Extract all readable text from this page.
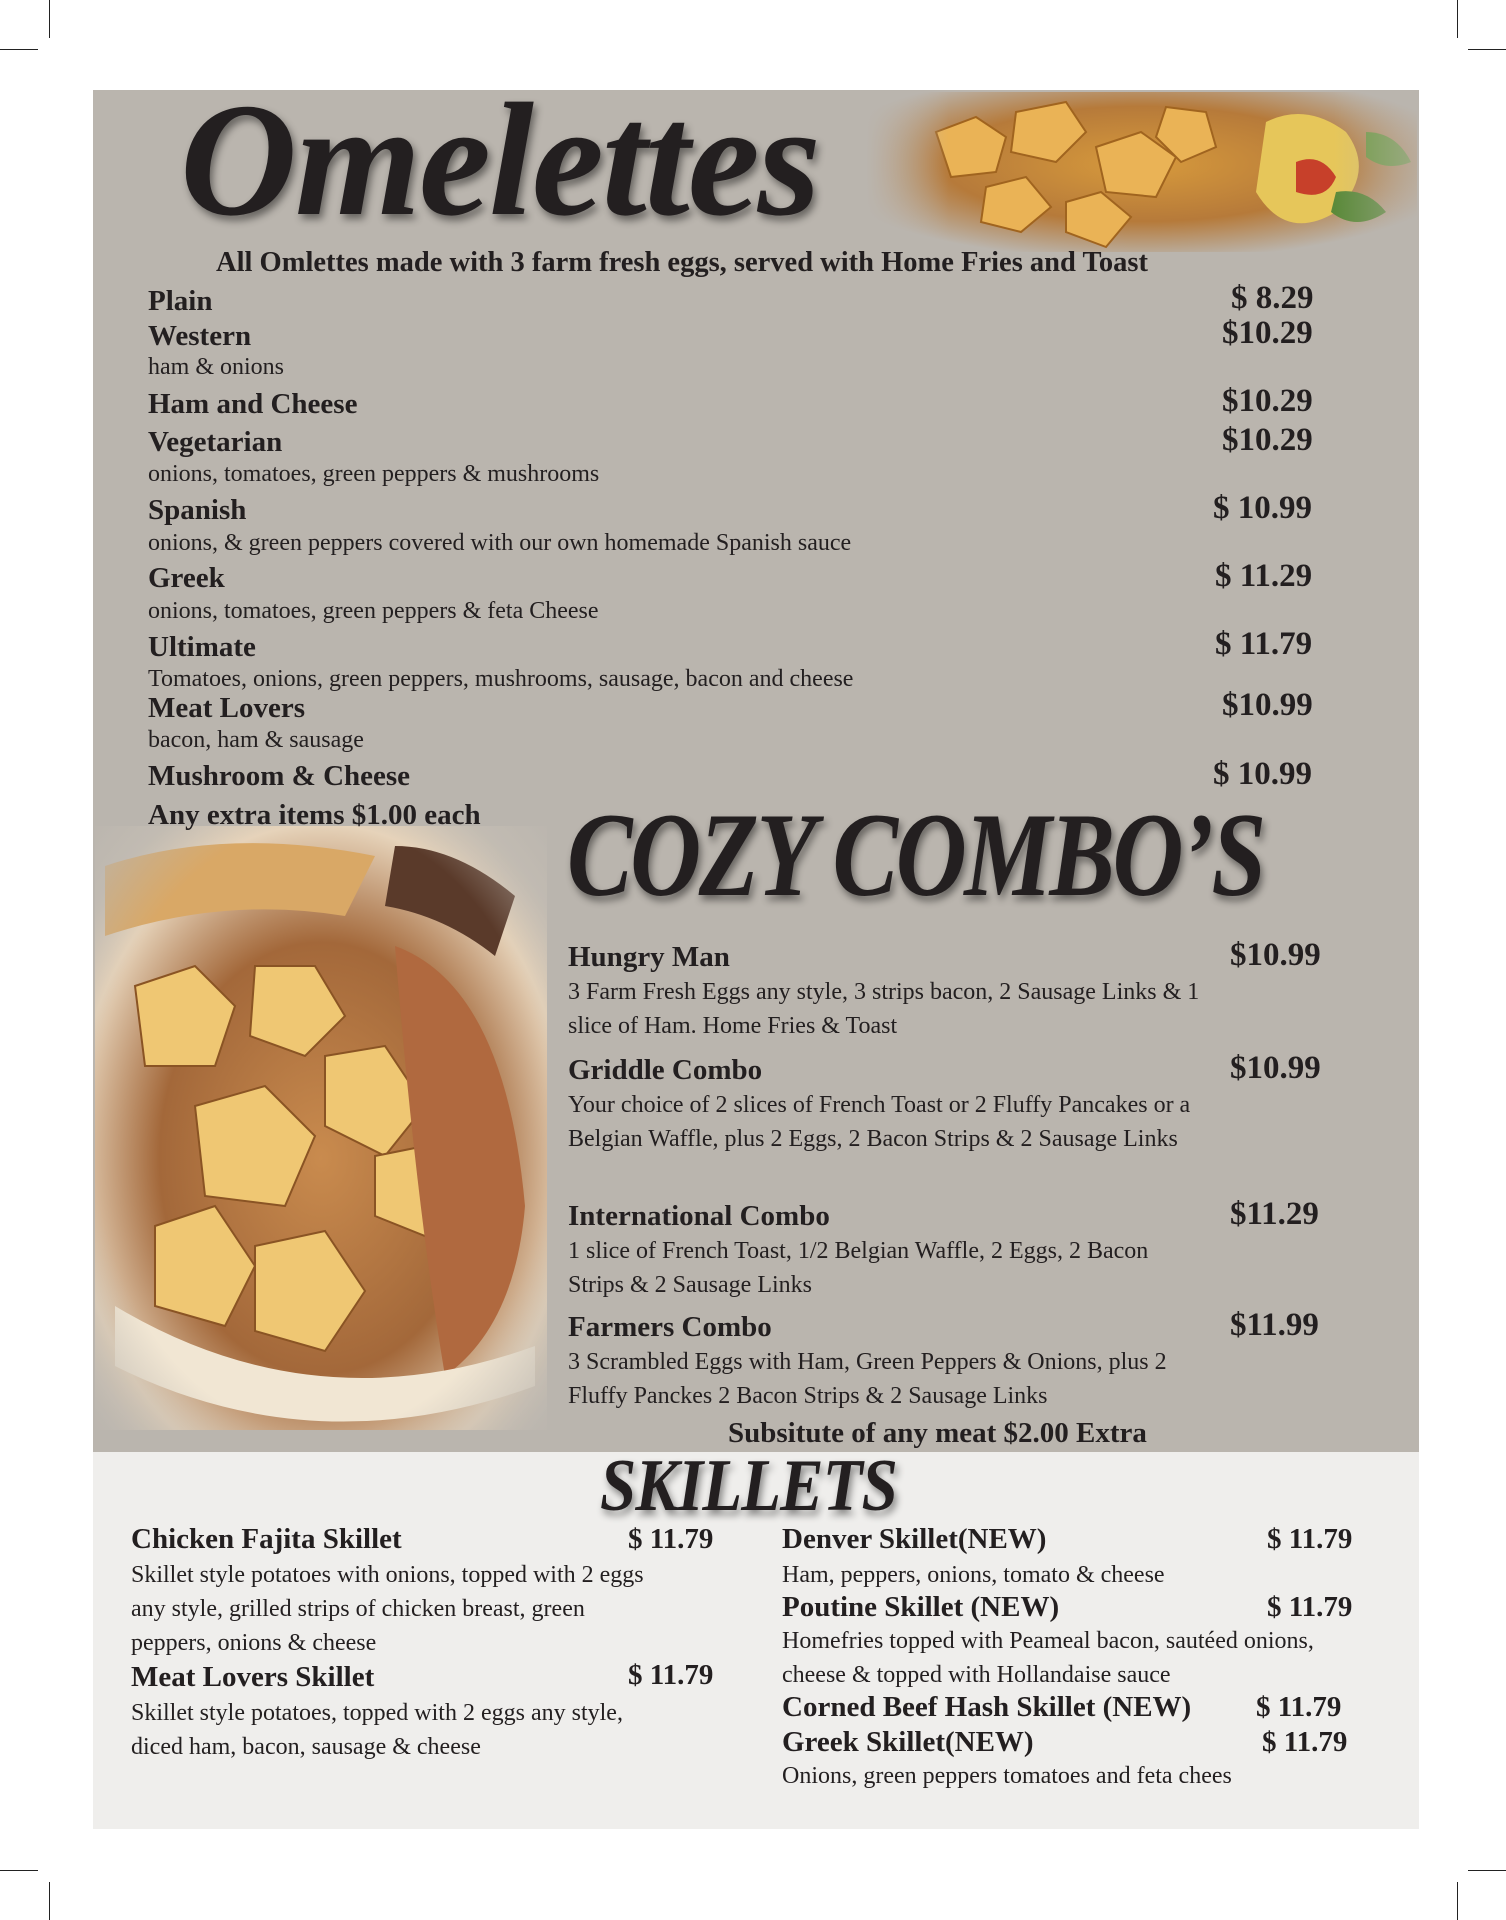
Omelettes
All Omlettes made with 3 farm fresh eggs, served with Home Fries and Toast
Plain	$ 8.29
Western	$10.29
ham & onions
Ham and Cheese	$10.29
Vegetarian	$10.29
onions, tomatoes, green peppers & mushrooms
Spanish	$ 10.99
onions, & green peppers covered with our own homemade Spanish sauce
Greek	$ 11.29
onions, tomatoes, green peppers & feta Cheese
Ultimate	$ 11.79
Tomatoes, onions, green peppers, mushrooms, sausage, bacon and cheese
Meat Lovers	$10.99
bacon, ham & sausage
Mushroom & Cheese	$ 10.99
Any extra items $1.00 each COZY COMBO’S
Hungry Man	$10.99
3 Farm Fresh Eggs any style, 3 strips bacon, 2 Sausage Links & 1 slice of Ham. Home Fries & Toast
Griddle Combo	$10.99
Your choice of 2 slices of French Toast or 2 Fluffy Pancakes or a Belgian Waffle, plus 2 Eggs, 2 Bacon Strips & 2 Sausage Links
International Combo	$11.29
1 slice of French Toast, 1/2 Belgian Waffle, 2 Eggs, 2 Bacon Strips & 2 Sausage Links
Farmers Combo	$11.99
3 Scrambled Eggs with Ham, Green Peppers & Onions, plus 2 Fluffy Panckes 2 Bacon Strips & 2 Sausage Links
Subsitute of any meat $2.00 Extra
SKILLETS
Chicken Fajita Skillet	$ 11.79
Skillet style potatoes with onions, topped with 2 eggs any style, grilled strips of chicken breast, green peppers, onions & cheese
Meat Lovers Skillet	$ 11.79
Skillet style potatoes, topped with 2 eggs any style, diced ham, bacon, sausage & cheese
Denver Skillet(NEW)	$ 11.79
Ham, peppers, onions, tomato & cheese
Poutine Skillet (NEW)	$ 11.79
Homefries topped with Peameal bacon, sautéed onions, cheese & topped with Hollandaise sauce
Corned Beef Hash Skillet (NEW) $ 11.79
Greek Skillet(NEW)	$ 11.79
Onions, green peppers tomatoes and feta chees
